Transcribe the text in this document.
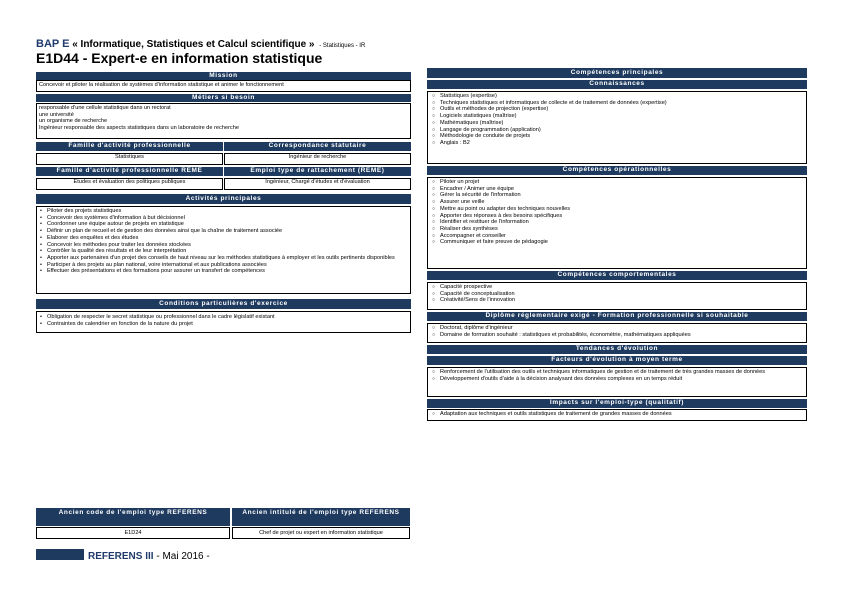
BAP E « Informatique, Statistiques et Calcul scientifique » - Statistiques - IR
E1D44 - Expert-e en information statistique
Mission
Concevoir et piloter la réalisation de systèmes d'information statistique et animer le fonctionnement
Métiers si besoin
responsable d'une cellule statistique dans un rectorat
une université
un organisme de recherche
Ingénieur responsable des aspects statistiques dans un laboratoire de recherche
Famille d'activité professionnelle	Correspondance statutaire
Statistiques	Ingénieur de recherche
Famille d'activité professionnelle REME	Emploi type de rattachement (REME)
Etudes et évaluation des politiques publiques	Ingénieur, Chargé d'études et d'évaluation
Activités principales
• Piloter des projets statistiques
• Concevoir des systèmes d'information à but décisionnel
• Coordonner une équipe autour de projets en statistique
• Définir un plan de recueil et de gestion des données ainsi que la chaîne de traitement associée
• Elaborer des enquêtes et des études
• Concevoir les méthodes pour traiter les données stockées
• Contrôler la qualité des résultats et de leur interprétation
• Apporter aux partenaires d'un projet des conseils de haut niveau sur les méthodes statistiques à employer et les outils pertinents disponibles
• Participer à des projets au plan national, voire international et aux publications associées
• Effectuer des présentations et des formations pour assurer un transfert de compétences
Conditions particulières d'exercice
• Obligation de respecter le secret statistique ou professionnel dans le cadre législatif existant
• Contraintes de calendrier en fonction de la nature du projet
Ancien code de l'emploi type REFERENS	Ancien intitulé de l'emploi type REFERENS
E1D24	Chef de projet ou expert en information statistique
Compétences principales
Connaissances
○ Statistiques (expertise)
○ Techniques statistiques et informatiques de collecte et de traitement de données (expertise)
○ Outils et méthodes de projection (expertise)
○ Logiciels statistiques (maîtrise)
○ Mathématiques (maîtrise)
○ Langage de programmation (application)
○ Méthodologie de conduite de projets
○ Anglais : B2
Compétences opérationnelles
○ Piloter un projet
○ Encadrer / Animer une équipe
○ Gérer la sécurité de l'information
○ Assurer une veille
○ Mettre au point ou adapter des techniques nouvelles
○ Apporter des réponses à des besoins spécifiques
○ Identifier et restituer de l'information
○ Réaliser des synthèses
○ Accompagner et conseiller
○ Communiquer et faire preuve de pédagogie
Compétences comportementales
○ Capacité prospective
○ Capacité de conceptualisation
○ Créativité/Sens de l'innovation
Diplôme réglementaire exigé - Formation professionnelle si souhaitable
○ Doctorat, diplôme d'ingénieur
○ Domaine de formation souhaité : statistiques et probabilités, économétrie, mathématiques appliquées
Tendances d'évolution
Facteurs d'évolution à moyen terme
○ Renforcement de l'utilisation des outils et techniques informatiques de gestion et de traitement de très grandes masses de données
○ Développement d'outils d'aide à la décision analysant des données complexes en un temps réduit
Impacts sur l'emploi-type (qualitatif)
○ Adaptation aux techniques et outils statistiques de traitement de grandes masses de données
REFERENS III - Mai 2016 -
